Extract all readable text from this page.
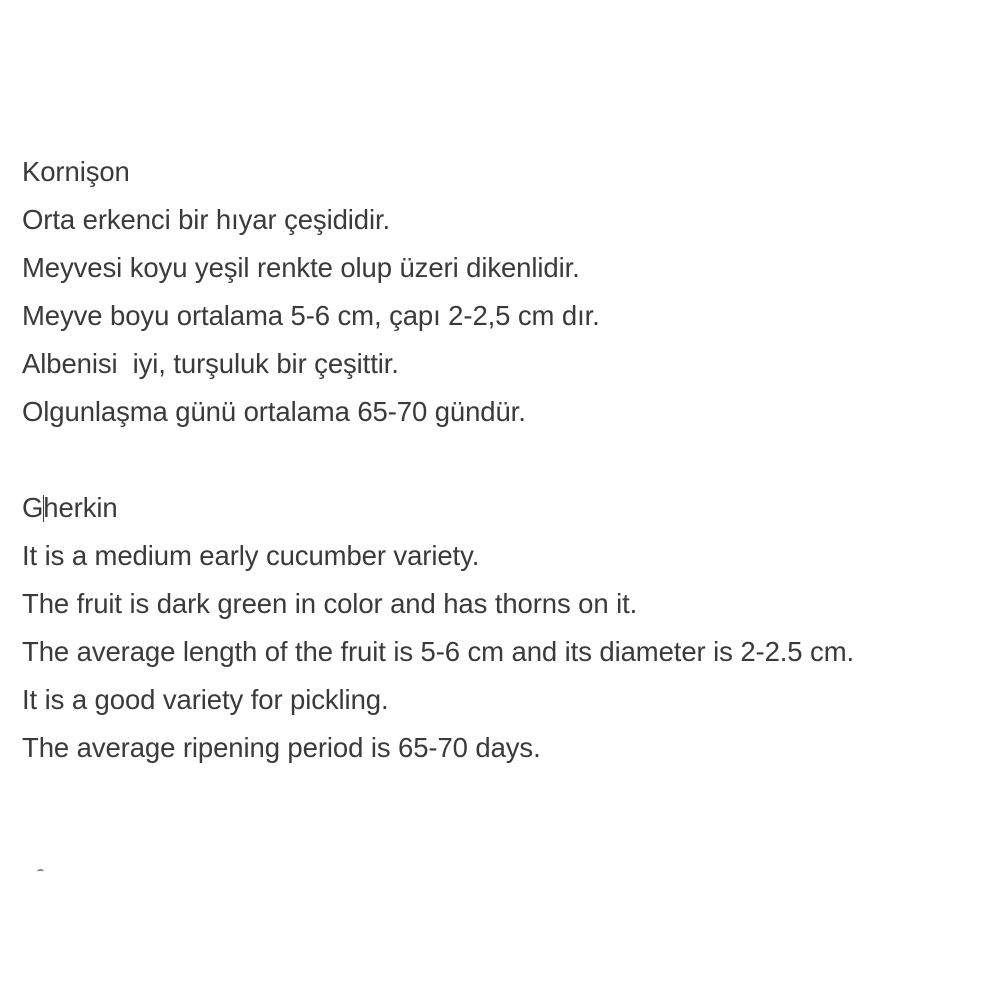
Kornişon
Orta erkenci bir hıyar çeşididir.
Meyvesi koyu yeşil renkte olup üzeri dikenlidir.
Meyve boyu ortalama 5-6 cm, çapı 2-2,5 cm dır.
Albenisi  iyi, turşuluk bir çeşittir.
Olgunlaşma günü ortalama 65-70 gündür.
Gherkin
It is a medium early cucumber variety.
The fruit is dark green in color and has thorns on it.
The average length of the fruit is 5-6 cm and its diameter is 2-2.5 cm.
It is a good variety for pickling.
The average ripening period is 65-70 days.
